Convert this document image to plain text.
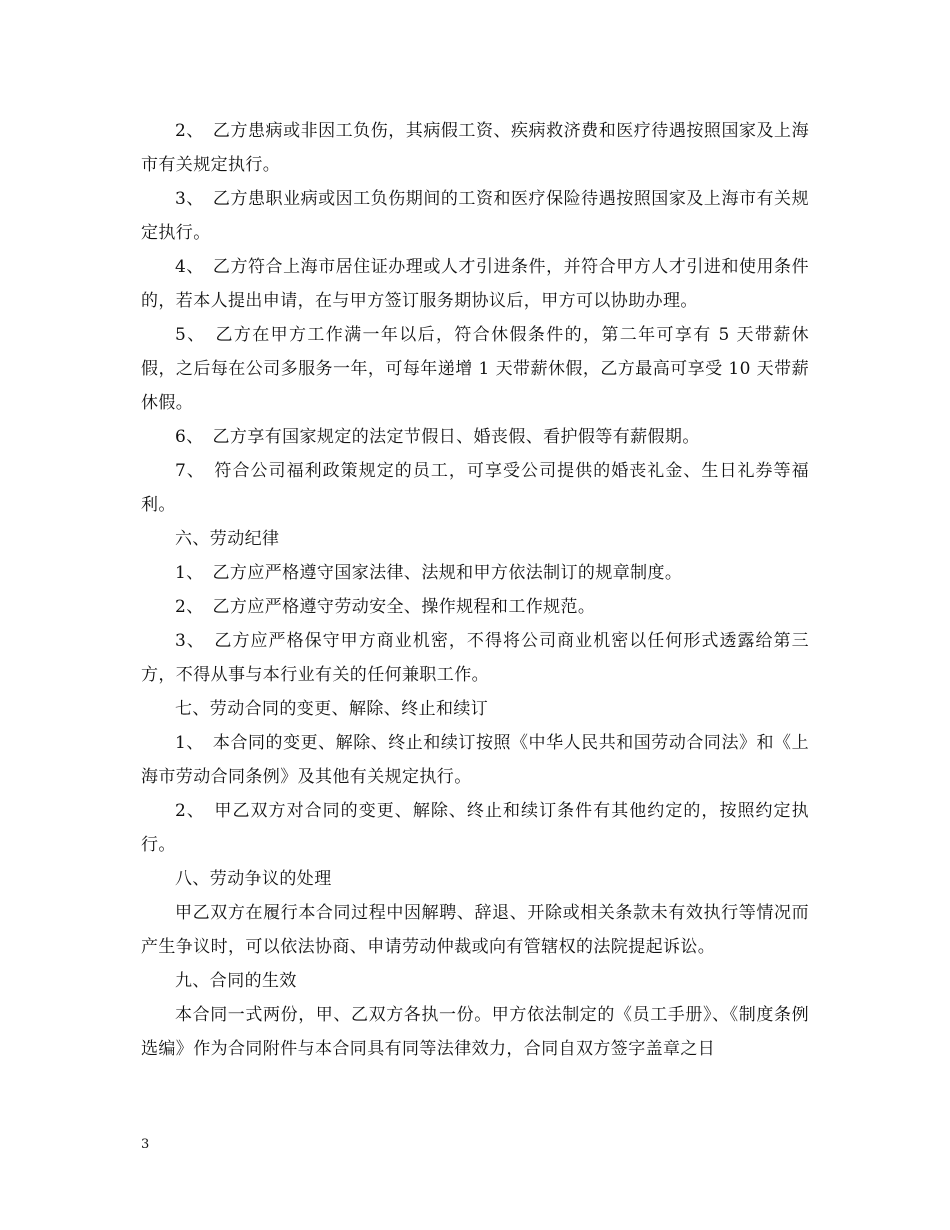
2、　乙方患病或非因工负伤，其病假工资、疾病救济费和医疗待遇按照国家及上海市有关规定执行。

3、　乙方患职业病或因工负伤期间的工资和医疗保险待遇按照国家及上海市有关规定执行。

4、　乙方符合上海市居住证办理或人才引进条件，并符合甲方人才引进和使用条件的，若本人提出申请，在与甲方签订服务期协议后，甲方可以协助办理。

5、　乙方在甲方工作满一年以后，符合休假条件的，第二年可享有 5 天带薪休假，之后每在公司多服务一年，可每年递增 1 天带薪休假，乙方最高可享受 10 天带薪休假。

6、　乙方享有国家规定的法定节假日、婚丧假、看护假等有薪假期。

7、　符合公司福利政策规定的员工，可享受公司提供的婚丧礼金、生日礼券等福利。

六、劳动纪律

1、　乙方应严格遵守国家法律、法规和甲方依法制订的规章制度。

2、　乙方应严格遵守劳动安全、操作规程和工作规范。

3、　乙方应严格保守甲方商业机密，不得将公司商业机密以任何形式透露给第三方，不得从事与本行业有关的任何兼职工作。

七、劳动合同的变更、解除、终止和续订

1、　本合同的变更、解除、终止和续订按照《中华人民共和国劳动合同法》和《上海市劳动合同条例》及其他有关规定执行。

2、　甲乙双方对合同的变更、解除、终止和续订条件有其他约定的，按照约定执行。

八、劳动争议的处理

甲乙双方在履行本合同过程中因解聘、辞退、开除或相关条款未有效执行等情况而产生争议时，可以依法协商、申请劳动仲裁或向有管辖权的法院提起诉讼。

九、合同的生效

本合同一式两份，甲、乙双方各执一份。甲方依法制定的《员工手册》、《制度条例选编》作为合同附件与本合同具有同等法律效力，合同自双方签字盖章之日

3
